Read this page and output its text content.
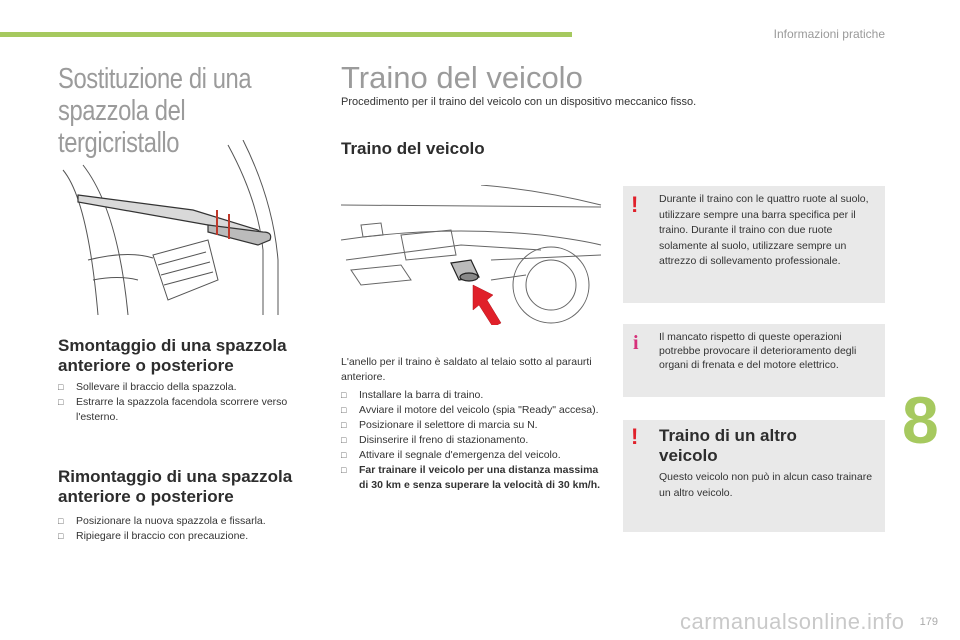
Informazioni pratiche
Sostituzione di una spazzola del tergicristallo
Smontaggio di una spazzola anteriore o posteriore
□ Sollevare il braccio della spazzola.
□ Estrarre la spazzola facendola scorrere verso l'esterno.
Rimontaggio di una spazzola anteriore o posteriore
□ Posizionare la nuova spazzola e fissarla.
□ Ripiegare il braccio con precauzione.
Traino del veicolo
Procedimento per il traino del veicolo con un dispositivo meccanico fisso.
Traino del veicolo
L'anello per il traino è saldato al telaio sotto al paraurti anteriore.
□ Installare la barra di traino.
□ Avviare il motore del veicolo (spia "Ready" accesa).
□ Posizionare il selettore di marcia su N.
□ Disinserire il freno di stazionamento.
□ Attivare il segnale d'emergenza del veicolo.
□ Far trainare il veicolo per una distanza massima di 30 km e senza superare la velocità di 30 km/h.
! Durante il traino con le quattro ruote al suolo, utilizzare sempre una barra specifica per il traino. Durante il traino con due ruote solamente al suolo, utilizzare sempre un attrezzo di sollevamento professionale.
i Il mancato rispetto di queste operazioni potrebbe provocare il deterioramento degli organi di frenata e del motore elettrico.
! Traino di un altro veicolo
Questo veicolo non può in alcun caso trainare un altro veicolo.
8
179
carmanualsonline.info
